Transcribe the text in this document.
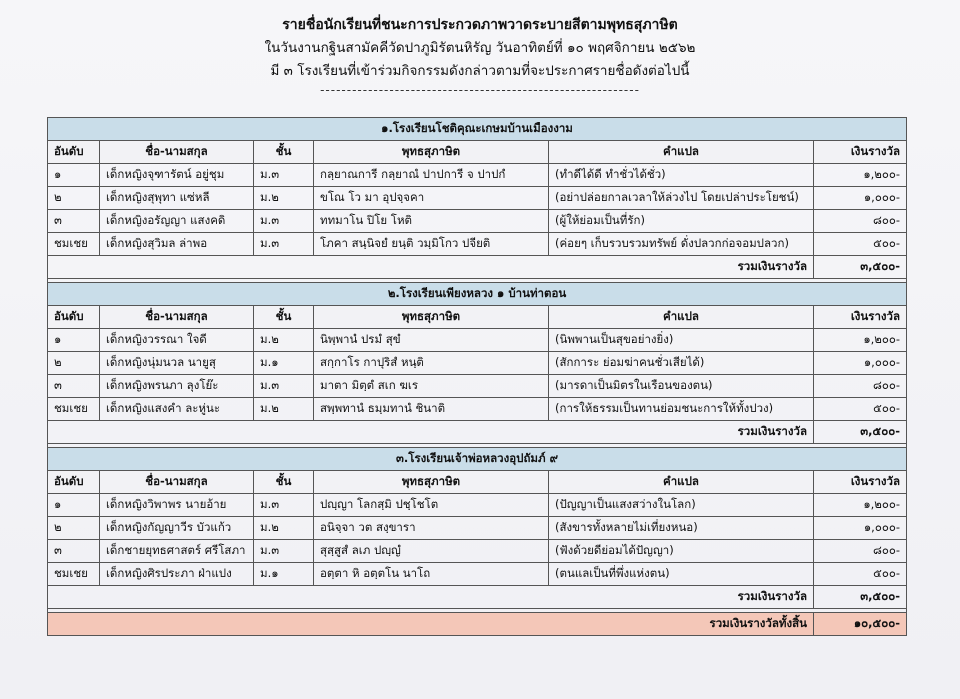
รายชื่อนักเรียนที่ชนะการประกวดภาพวาดระบายสีตามพุทธสุภาษิต
ในวันงานกฐินสามัคคีวัดปาภูมิรัตนหิรัญ วันอาทิตย์ที่ ๑๐ พฤศจิกายน ๒๕๖๒
มี ๓ โรงเรียนที่เข้าร่วมกิจกรรมดังกล่าวตามที่จะประกาศรายชื่อดังต่อไปนี้
------------------------------------------------------------
๑.โรงเรียนโชติคุณะเกษมบ้านเมืองงาม					
อันดับ	ชื่อ-นามสกุล	ชั้น	พุทธสุภาษิต	คำแปล	เงินรางวัล
๑	เด็กหญิงจุฑารัตน์ อยู่ชุม	ม.๓	กลฺยาณการี กลฺยาณํ ปาปการี จ ปาปกํ	(ทำดีได้ดี ทำชั่วได้ชั่ว)	๑,๒๐๐-
๒	เด็กหญิงสุพุทา แซ่หลี	ม.๒	ขโณ โว มา อุปจฺจคา	(อย่าปล่อยกาลเวลาให้ล่วงไป โดยเปล่าประโยชน์)	๑,๐๐๐-
๓	เด็กหญิงอรัญญา แสงคดิ	ม.๓	ททมาโน ปิโย โหติ	(ผู้ให้ย่อมเป็นที่รัก)	๘๐๐-
ชมเชย	เด็กหญิงสุวิมล ล่าพอ	ม.๓	โภคา สนฺนิจยํ ยนฺติ วมฺมิโกว ปจียติ	(ค่อยๆ เก็บรวบรวมทรัพย์ ดั่งปลวกก่อจอมปลวก)	๕๐๐-
รวมเงินรางวัล					๓,๕๐๐-

๒.โรงเรียนเพียงหลวง ๑ บ้านท่าตอน					
อันดับ	ชื่อ-นามสกุล	ชั้น	พุทธสุภาษิต	คำแปล	เงินรางวัล
๑	เด็กหญิงวรรณา ใจดี	ม.๒	นิพฺพานํ ปรมํ สุขํ	(นิพพานเป็นสุขอย่างยิ่ง)	๑,๒๐๐-
๒	เด็กหญิงนุ่มนวล นายูสุ	ม.๑	สกฺกาโร กาปุริสํ หนฺติ	(สักการะ ย่อมฆ่าคนชั่วเสียได้)	๑,๐๐๐-
๓	เด็กหญิงพรนภา ลุงโย๊ะ	ม.๓	มาตา มิตฺตํ สเก ฆเร	(มารดาเป็นมิตรในเรือนของตน)	๘๐๐-
ชมเชย	เด็กหญิงแสงคำ ละหู่นะ	ม.๒	สพฺพทานํ ธมฺมทานํ ชินาติ	(การให้ธรรมเป็นทานย่อมชนะการให้ทั้งปวง)	๕๐๐-
รวมเงินรางวัล					๓,๕๐๐-

๓.โรงเรียนเจ้าพ่อหลวงอุปถัมภ์ ๙					
อันดับ	ชื่อ-นามสกุล	ชั้น	พุทธสุภาษิต	คำแปล	เงินรางวัล
๑	เด็กหญิงวิพาพร นายอ้าย	ม.๓	ปญฺญา โลกสฺมิ ปชฺโชโต	(ปัญญาเป็นแสงสว่างในโลก)	๑,๒๐๐-
๒	เด็กหญิงกัญญาวีร บัวแก้ว	ม.๒	อนิจฺจา วต สงฺขารา	(สังขารทั้งหลายไม่เที่ยงหนอ)	๑,๐๐๐-
๓	เด็กชายยุทธศาสตร์ ศรีโสภา	ม.๓	สุสฺสูสํ ลเภ ปญฺญํ	(ฟังด้วยดีย่อมได้ปัญญา)	๘๐๐-
ชมเชย	เด็กหญิงศิรประภา ฝ่าแปง	ม.๑	อตฺตา หิ อตฺตโน นาโถ	(ตนแลเป็นที่พึ่งแห่งตน)	๕๐๐-
รวมเงินรางวัล					๓,๕๐๐-

รวมเงินรางวัลทั้งสิ้น					๑๐,๕๐๐-
